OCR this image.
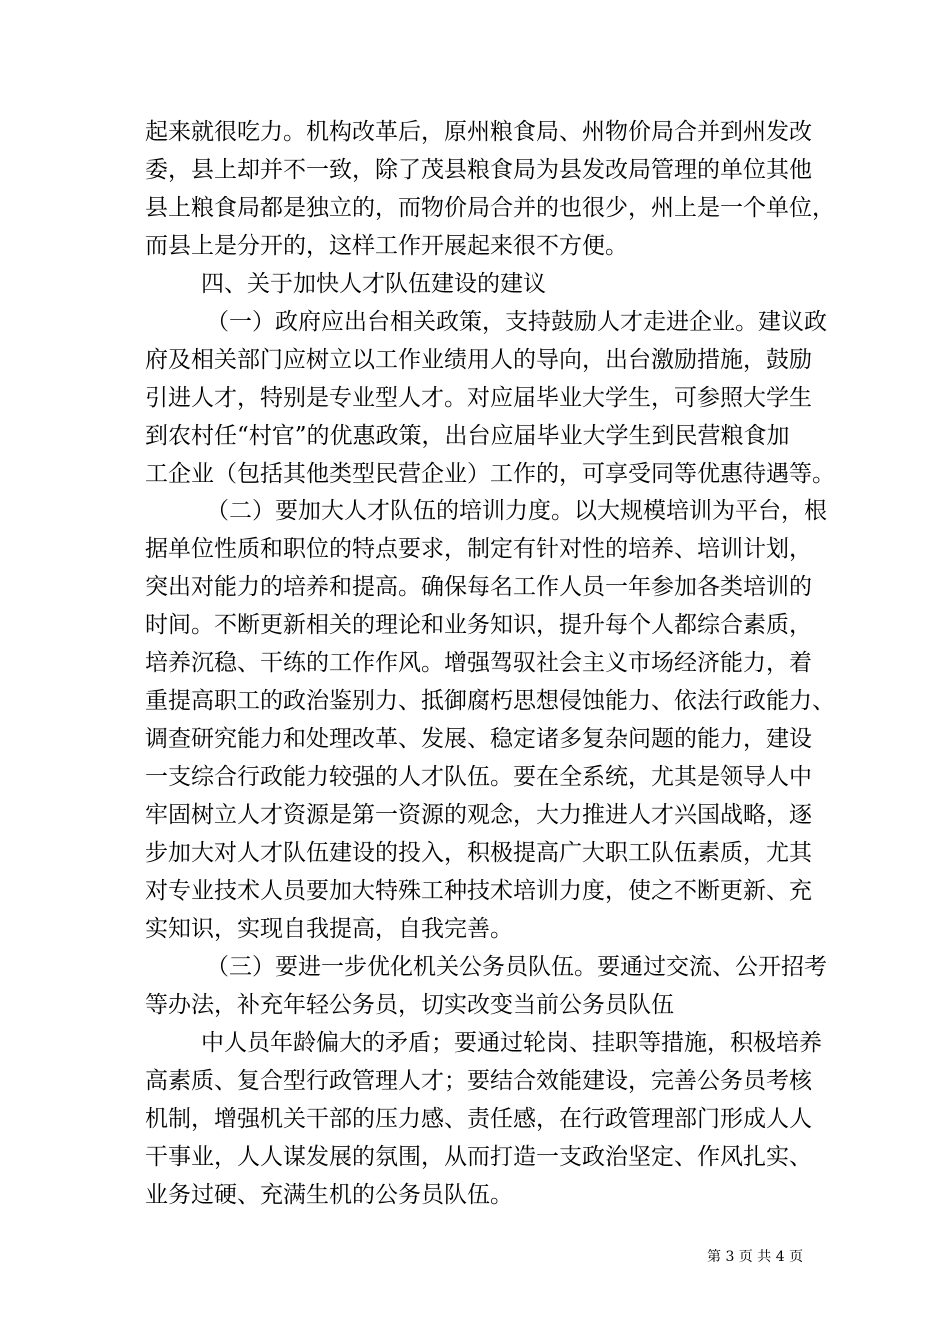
起来就很吃力。机构改革后，原州粮食局、州物价局合并到州发改
委，县上却并不一致，除了茂县粮食局为县发改局管理的单位其他
县上粮食局都是独立的，而物价局合并的也很少，州上是一个单位，
而县上是分开的，这样工作开展起来很不方便。
四、关于加快人才队伍建设的建议
（一）政府应出台相关政策，支持鼓励人才走进企业。建议政
府及相关部门应树立以工作业绩用人的导向，出台激励措施，鼓励
引进人才，特别是专业型人才。对应届毕业大学生，可参照大学生
到农村任“村官”的优惠政策，出台应届毕业大学生到民营粮食加
工企业（包括其他类型民营企业）工作的，可享受同等优惠待遇等。
（二）要加大人才队伍的培训力度。以大规模培训为平台，根
据单位性质和职位的特点要求，制定有针对性的培养、培训计划，
突出对能力的培养和提高。确保每名工作人员一年参加各类培训的
时间。不断更新相关的理论和业务知识，提升每个人都综合素质，
培养沉稳、干练的工作作风。增强驾驭社会主义市场经济能力，着
重提高职工的政治鉴别力、抵御腐朽思想侵蚀能力、依法行政能力、
调查研究能力和处理改革、发展、稳定诸多复杂问题的能力，建设
一支综合行政能力较强的人才队伍。要在全系统，尤其是领导人中
牢固树立人才资源是第一资源的观念，大力推进人才兴国战略，逐
步加大对人才队伍建设的投入，积极提高广大职工队伍素质，尤其
对专业技术人员要加大特殊工种技术培训力度，使之不断更新、充
实知识，实现自我提高，自我完善。
（三）要进一步优化机关公务员队伍。要通过交流、公开招考
等办法，补充年轻公务员，切实改变当前公务员队伍
中人员年龄偏大的矛盾；要通过轮岗、挂职等措施，积极培养
高素质、复合型行政管理人才；要结合效能建设，完善公务员考核
机制，增强机关干部的压力感、责任感，在行政管理部门形成人人
干事业，人人谋发展的氛围，从而打造一支政治坚定、作风扎实、
业务过硬、充满生机的公务员队伍。
第 3 页 共 4 页
